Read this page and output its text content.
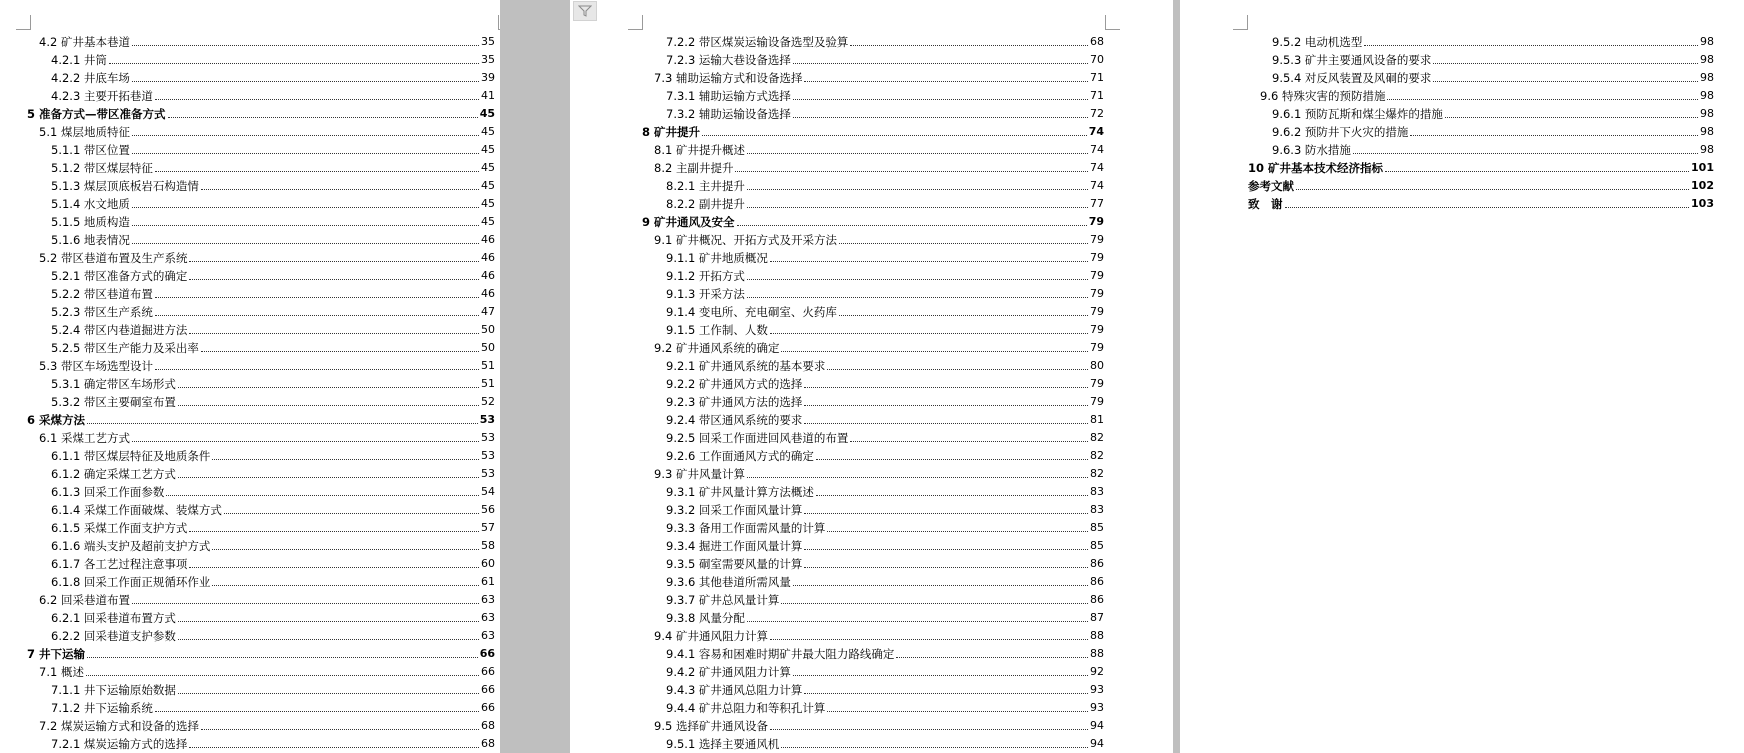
4.2 矿井基本巷道	35
4.2.1 井筒	35
4.2.2 井底车场	39
4.2.3 主要开拓巷道	41
5 准备方式—带区准备方式	45
5.1 煤层地质特征	45
5.1.1 带区位置	45
5.1.2 带区煤层特征	45
5.1.3 煤层顶底板岩石构造情	45
5.1.4 水文地质	45
5.1.5 地质构造	45
5.1.6 地表情况	46
5.2 带区巷道布置及生产系统	46
5.2.1 带区准备方式的确定	46
5.2.2 带区巷道布置	46
5.2.3 带区生产系统	47
5.2.4 带区内巷道掘进方法	50
5.2.5 带区生产能力及采出率	50
5.3 带区车场选型设计	51
5.3.1 确定带区车场形式	51
5.3.2 带区主要硐室布置	52
6 采煤方法	53
6.1 采煤工艺方式	53
6.1.1 带区煤层特征及地质条件	53
6.1.2 确定采煤工艺方式	53
6.1.3 回采工作面参数	54
6.1.4 采煤工作面破煤、装煤方式	56
6.1.5 采煤工作面支护方式	57
6.1.6 端头支护及超前支护方式	58
6.1.7 各工艺过程注意事项	60
6.1.8 回采工作面正规循环作业	61
6.2 回采巷道布置	63
6.2.1 回采巷道布置方式	63
6.2.2 回采巷道支护参数	63
7 井下运输	66
7.1 概述	66
7.1.1 井下运输原始数据	66
7.1.2 井下运输系统	66
7.2 煤炭运输方式和设备的选择	68
7.2.1 煤炭运输方式的选择	68
7.2.2 带区煤炭运输设备选型及验算	68
7.2.3 运输大巷设备选择	70
7.3 辅助运输方式和设备选择	71
7.3.1 辅助运输方式选择	71
7.3.2 辅助运输设备选择	72
8 矿井提升	74
8.1 矿井提升概述	74
8.2 主副井提升	74
8.2.1 主井提升	74
8.2.2 副井提升	77
9 矿井通风及安全	79
9.1 矿井概况、开拓方式及开采方法	79
9.1.1 矿井地质概况	79
9.1.2 开拓方式	79
9.1.3 开采方法	79
9.1.4 变电所、充电硐室、火药库	79
9.1.5 工作制、人数	79
9.2 矿井通风系统的确定	79
9.2.1 矿井通风系统的基本要求	80
9.2.2 矿井通风方式的选择	79
9.2.3 矿井通风方法的选择	79
9.2.4 带区通风系统的要求	81
9.2.5 回采工作面进回风巷道的布置	82
9.2.6 工作面通风方式的确定	82
9.3 矿井风量计算	82
9.3.1 矿井风量计算方法概述	83
9.3.2 回采工作面风量计算	83
9.3.3 备用工作面需风量的计算	85
9.3.4 掘进工作面风量计算	85
9.3.5 硐室需要风量的计算	86
9.3.6 其他巷道所需风量	86
9.3.7 矿井总风量计算	86
9.3.8 风量分配	87
9.4 矿井通风阻力计算	88
9.4.1 容易和困难时期矿井最大阻力路线确定	88
9.4.2 矿井通风阻力计算	92
9.4.3 矿井通风总阻力计算	93
9.4.4 矿井总阻力和等积孔计算	93
9.5 选择矿井通风设备	94
9.5.1 选择主要通风机	94
9.5.2 电动机选型	98
9.5.3 矿井主要通风设备的要求	98
9.5.4 对反风装置及风硐的要求	98
9.6 特殊灾害的预防措施	98
9.6.1 预防瓦斯和煤尘爆炸的措施	98
9.6.2 预防井下火灾的措施	98
9.6.3 防水措施	98
10 矿井基本技术经济指标	101
参考文献	102
致　谢	103
